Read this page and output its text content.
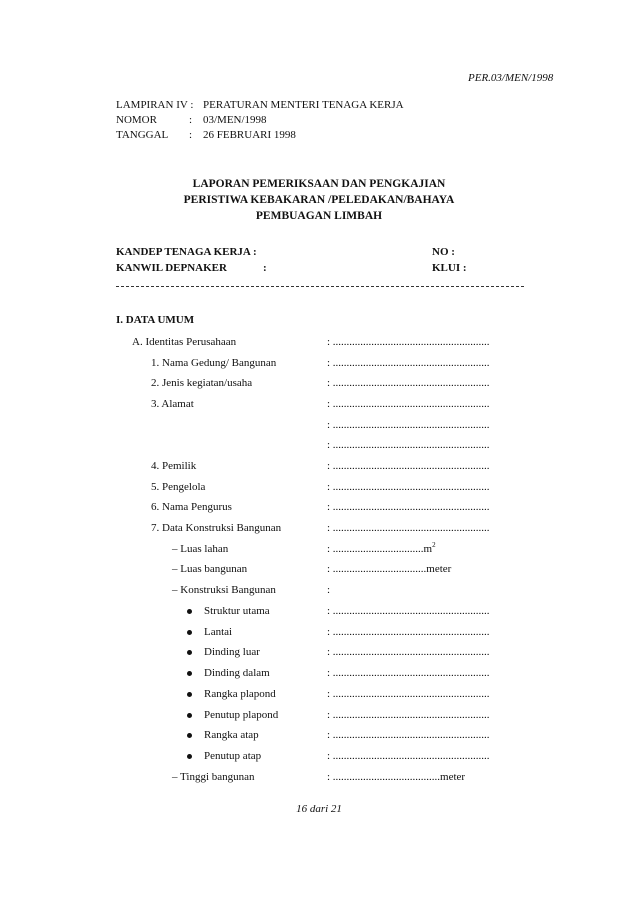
PER.03/MEN/1998
LAMPIRAN IV : PERATURAN MENTERI TENAGA KERJA
NOMOR	: 03/MEN/1998
TANGGAL : 26 FEBRUARI 1998
LAPORAN PEMERIKSAAN DAN PENGKAJIAN
PERISTIWA KEBAKARAN /PELEDAKAN/BAHAYA
PEMBUAGAN LIMBAH
KANDEP TENAGA KERJA :	NO :
KANWIL DEPNAKER	:	KLUI :
I. DATA UMUM
A. Identitas Perusahaan	: .........................................................
1. Nama Gedung/ Bangunan	: .........................................................
2. Jenis kegiatan/usaha	: .........................................................
3. Alamat	: .........................................................
: .........................................................
: .........................................................
4. Pemilik	: .........................................................
5. Pengelola	: .........................................................
6. Nama Pengurus	: .........................................................
7. Data Konstruksi Bangunan	: .........................................................
– Luas lahan	: $.................................m^2$
– Luas bangunan	: ..................................meter
– Konstruksi Bangunan	:
Struktur utama	: .........................................................
Lantai	: .........................................................
Dinding luar	: .........................................................
Dinding dalam	: .........................................................
Rangka plapond	: .........................................................
Penutup plapond	: .........................................................
Rangka atap	: .........................................................
Penutup atap	: .........................................................
– Tinggi bangunan	: .......................................meter
16 dari 21
